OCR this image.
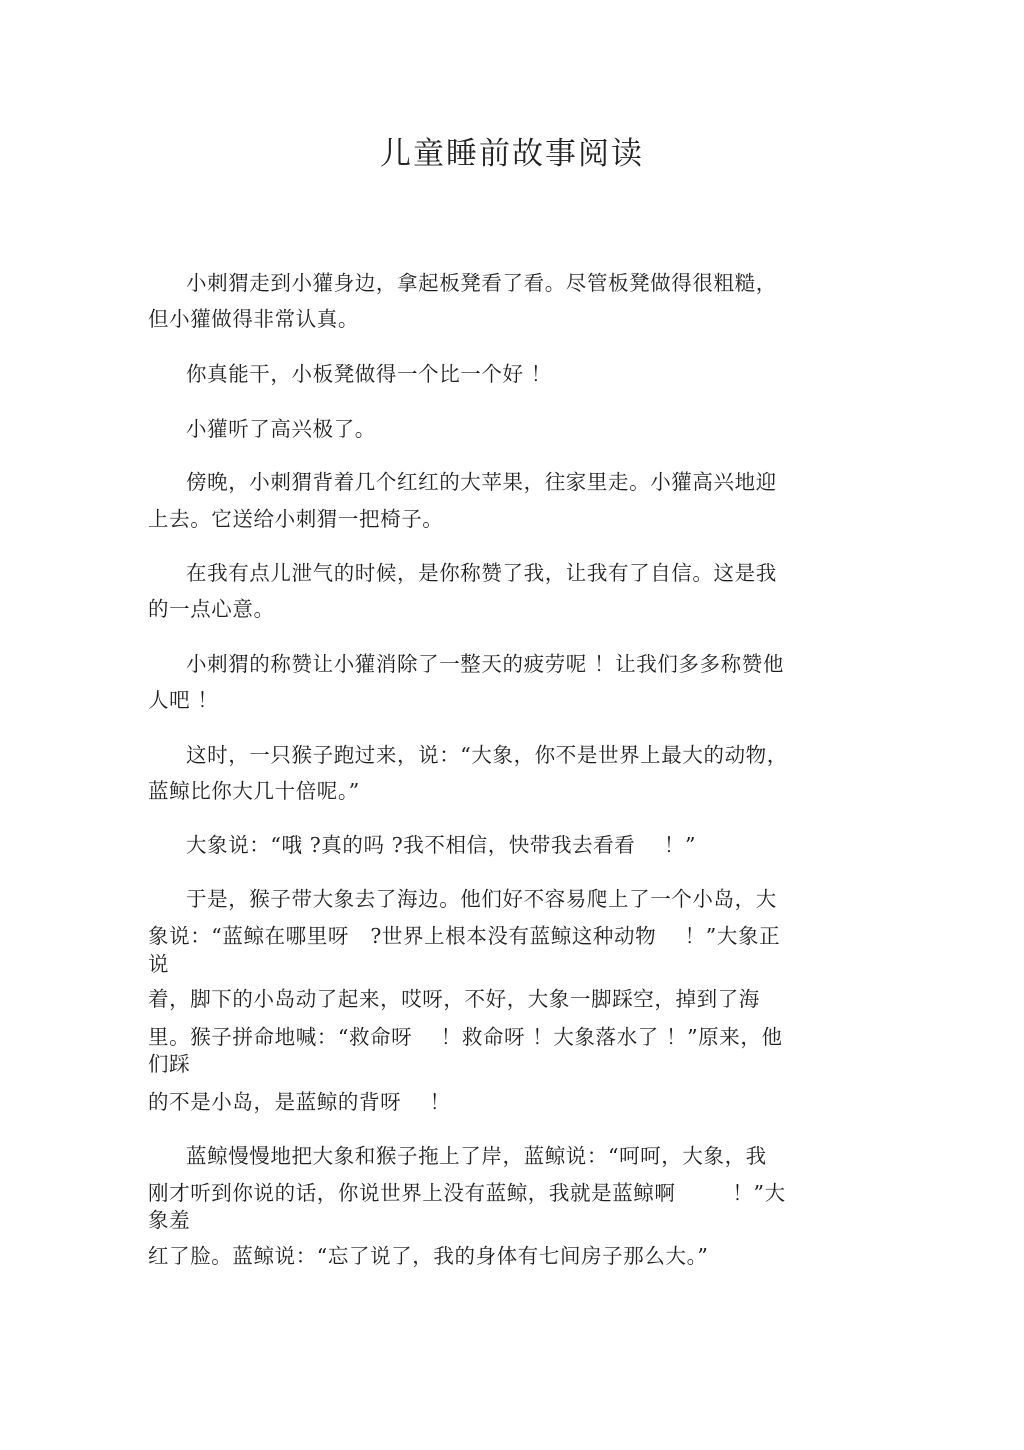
儿童睡前故事阅读
小刺猬走到小獾身边，拿起板凳看了看。尽管板凳做得很粗糙，
但小獾做得非常认真。
你真能干，小板凳做得一个比一个好 ！
小獾听了高兴极了。
傍晚，小刺猬背着几个红红的大苹果，往家里走。小獾高兴地迎
上去。它送给小刺猬一把椅子。
在我有点儿泄气的时候，是你称赞了我，让我有了自信。这是我
的一点心意。
小刺猬的称赞让小獾消除了一整天的疲劳呢 ！让我们多多称赞他
人吧 ！
这时，一只猴子跑过来，说：“大象，你不是世界上最大的动物，
蓝鲸比你大几十倍呢。”
大象说：“哦 ?真的吗 ?我不相信，快带我去看看    ！”
于是，猴子带大象去了海边。他们好不容易爬上了一个小岛，大
象说：“蓝鲸在哪里呀   ?世界上根本没有蓝鲸这种动物    ！”大象正
说
着，脚下的小岛动了起来，哎呀，不好，大象一脚踩空，掉到了海
里。猴子拼命地喊：“救命呀    ！救命呀 ！大象落水了 ！”原来，他
们踩
的不是小岛，是蓝鲸的背呀    ！
蓝鲸慢慢地把大象和猴子拖上了岸，蓝鲸说：“呵呵，大象，我
刚才听到你说的话，你说世界上没有蓝鲸，我就是蓝鲸啊        ！”大
象羞
红了脸。蓝鲸说：“忘了说了，我的身体有七间房子那么大。”
